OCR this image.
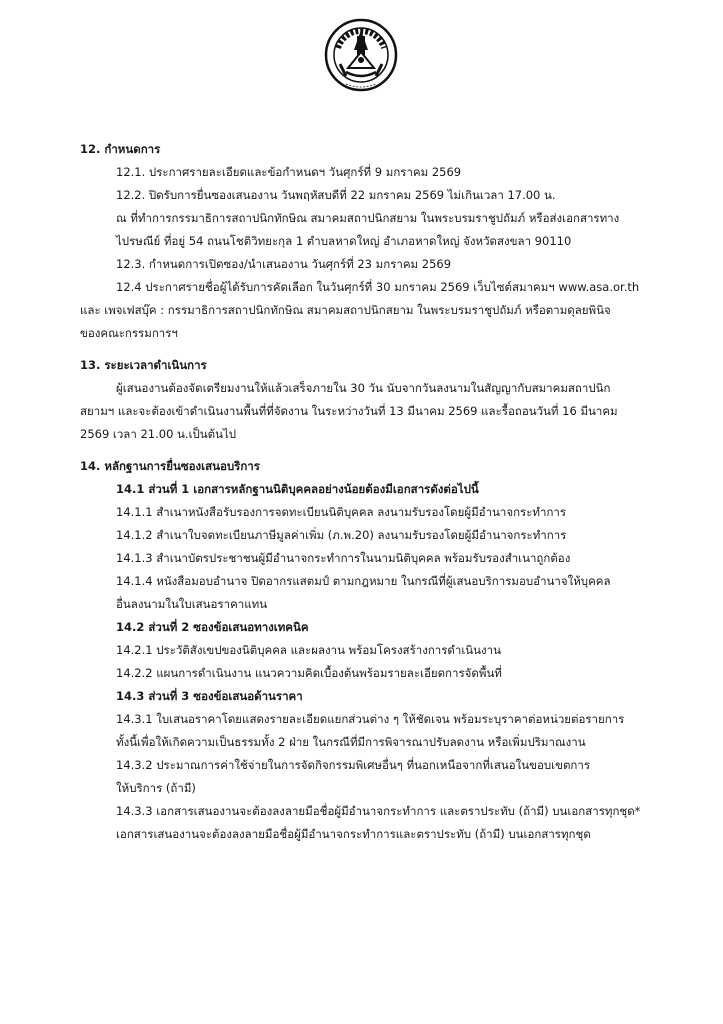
12. กำหนดการ
12.1. ประกาศรายละเอียดและข้อกำหนดฯ วันศุกร์ที่ 9 มกราคม 2569
12.2. ปิดรับการยื่นซองเสนองาน วันพฤหัสบดีที่ 22 มกราคม 2569 ไม่เกินเวลา 17.00 น.
ณ ที่ทำการกรรมาธิการสถาปนิกทักษิณ สมาคมสถาปนิกสยาม ในพระบรมราชูปถัมภ์ หรือส่งเอกสารทาง
ไปรษณีย์ ที่อยู่ 54 ถนนโชติวิทยะกุล 1 ตำบลหาดใหญ่ อำเภอหาดใหญ่ จังหวัดสงขลา 90110
12.3. กำหนดการเปิดซอง/นำเสนองาน วันศุกร์ที่ 23 มกราคม 2569
12.4 ประกาศรายชื่อผู้ได้รับการคัดเลือก ในวันศุกร์ที่ 30 มกราคม 2569 เว็บไซต์สมาคมฯ www.asa.or.th
และ เพจเฟสบุ๊ค : กรรมาธิการสถาปนิกทักษิณ สมาคมสถาปนิกสยาม ในพระบรมราชูปถัมภ์ หรือตามดุลยพินิจ
ของคณะกรรมการฯ
13. ระยะเวลาดำเนินการ
ผู้เสนองานต้องจัดเตรียมงานให้แล้วเสร็จภายใน 30 วัน นับจากวันลงนามในสัญญากับสมาคมสถาปนิก
สยามฯ และจะต้องเข้าดำเนินงานพื้นที่ที่จัดงาน ในระหว่างวันที่ 13 มีนาคม 2569 และรื้อถอนวันที่ 16 มีนาคม
2569 เวลา 21.00 น.เป็นต้นไป
14. หลักฐานการยื่นซองเสนอบริการ
14.1 ส่วนที่ 1 เอกสารหลักฐานนิติบุคคลอย่างน้อยต้องมีเอกสารดังต่อไปนี้
14.1.1 สำเนาหนังสือรับรองการจดทะเบียนนิติบุคคล ลงนามรับรองโดยผู้มีอำนาจกระทำการ
14.1.2 สำเนาใบจดทะเบียนภาษีมูลค่าเพิ่ม (ภ.พ.20) ลงนามรับรองโดยผู้มีอำนาจกระทำการ
14.1.3 สำเนาบัตรประชาชนผู้มีอำนาจกระทำการในนามนิติบุคคล พร้อมรับรองสำเนาถูกต้อง
14.1.4 หนังสือมอบอำนาจ ปิดอากรแสตมป์ ตามกฎหมาย ในกรณีที่ผู้เสนอบริการมอบอำนาจให้บุคคล
อื่นลงนามในใบเสนอราคาแทน
14.2 ส่วนที่ 2 ซองข้อเสนอทางเทคนิค
14.2.1 ประวัติสังเขปของนิติบุคคล และผลงาน พร้อมโครงสร้างการดำเนินงาน
14.2.2 แผนการดำเนินงาน แนวความคิดเบื้องต้นพร้อมรายละเอียดการจัดพื้นที่
14.3 ส่วนที่ 3 ซองข้อเสนอด้านราคา
14.3.1 ใบเสนอราคาโดยแสดงรายละเอียดแยกส่วนต่าง ๆ ให้ชัดเจน พร้อมระบุราคาต่อหน่วยต่อรายการ
ทั้งนี้เพื่อให้เกิดความเป็นธรรมทั้ง 2 ฝ่าย ในกรณีที่มีการพิจารณาปรับลดงาน หรือเพิ่มปริมาณงาน
14.3.2 ประมาณการค่าใช้จ่ายในการจัดกิจกรรมพิเศษอื่นๆ ที่นอกเหนือจากที่เสนอในขอบเขตการ
ให้บริการ (ถ้ามี)
14.3.3 เอกสารเสนองานจะต้องลงลายมือชื่อผู้มีอำนาจกระทำการ และตราประทับ (ถ้ามี) บนเอกสารทุกชุด*
เอกสารเสนองานจะต้องลงลายมือชื่อผู้มีอำนาจกระทำการและตราประทับ (ถ้ามี) บนเอกสารทุกชุด
